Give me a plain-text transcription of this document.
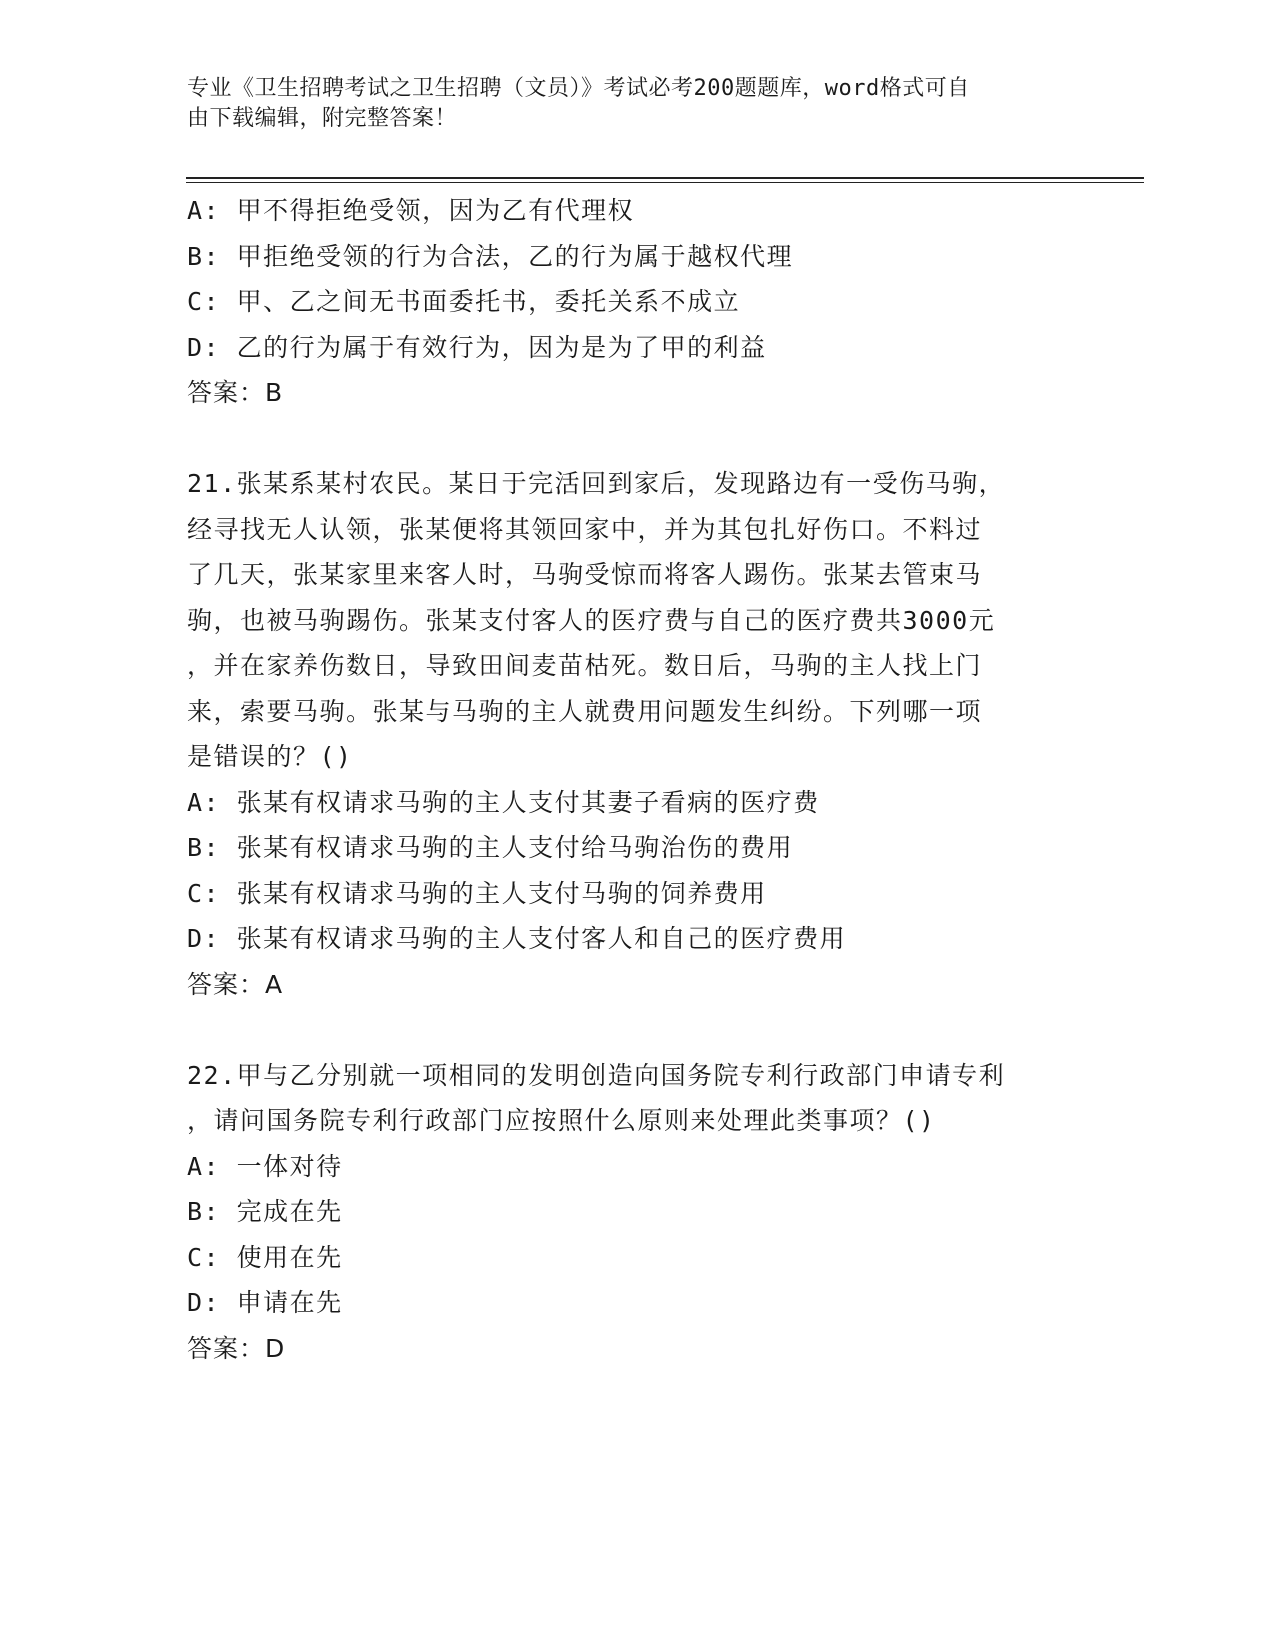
专业《卫生招聘考试之卫生招聘（文员）》考试必考200题题库，word格式可自
由下载编辑，附完整答案！
A: 甲不得拒绝受领，因为乙有代理权
B: 甲拒绝受领的行为合法，乙的行为属于越权代理
C: 甲、乙之间无书面委托书，委托关系不成立
D: 乙的行为属于有效行为，因为是为了甲的利益
答案：B
21.张某系某村农民。某日于完活回到家后，发现路边有一受伤马驹，
经寻找无人认领，张某便将其领回家中，并为其包扎好伤口。不料过
了几天，张某家里来客人时，马驹受惊而将客人踢伤。张某去管束马
驹，也被马驹踢伤。张某支付客人的医疗费与自己的医疗费共3000元
，并在家养伤数日，导致田间麦苗枯死。数日后，马驹的主人找上门
来，索要马驹。张某与马驹的主人就费用问题发生纠纷。下列哪一项
是错误的？()
A: 张某有权请求马驹的主人支付其妻子看病的医疗费
B: 张某有权请求马驹的主人支付给马驹治伤的费用
C: 张某有权请求马驹的主人支付马驹的饲养费用
D: 张某有权请求马驹的主人支付客人和自己的医疗费用
答案：A
22.甲与乙分别就一项相同的发明创造向国务院专利行政部门申请专利
，请问国务院专利行政部门应按照什么原则来处理此类事项？()
A: 一体对待
B: 完成在先
C: 使用在先
D: 申请在先
答案：D
